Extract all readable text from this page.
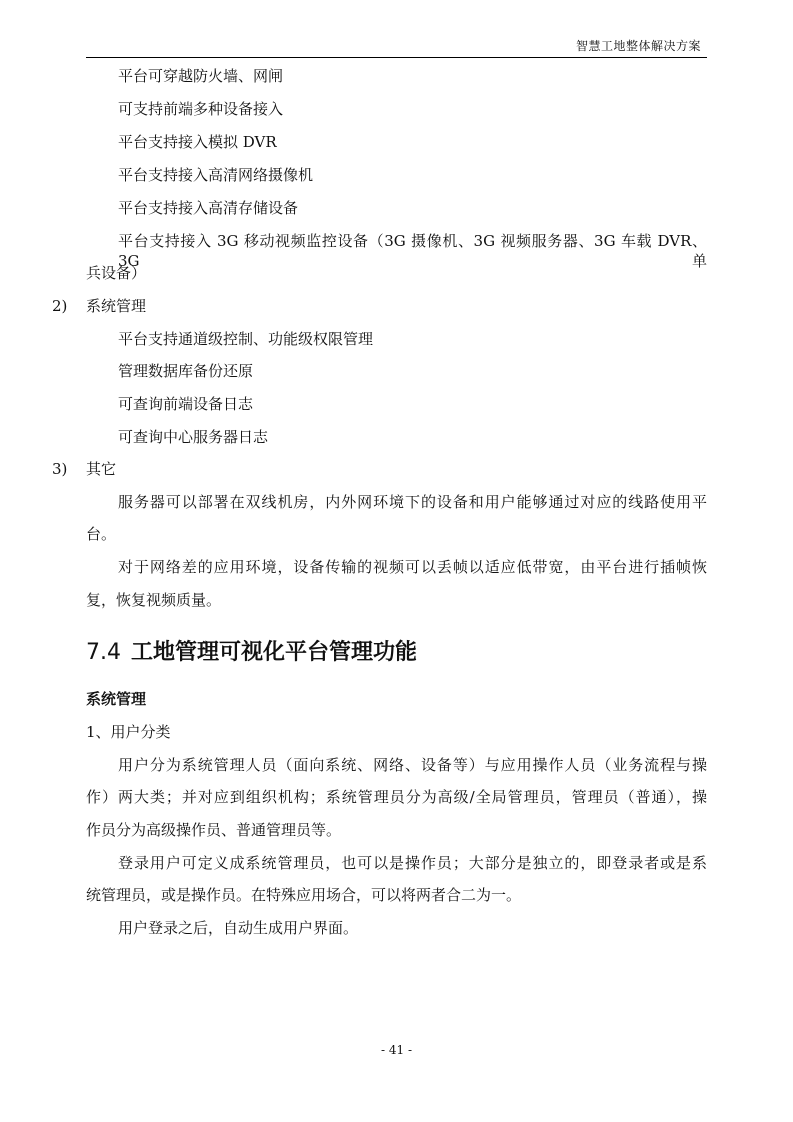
智慧工地整体解决方案
平台可穿越防火墙、网闸
可支持前端多种设备接入
平台支持接入模拟 DVR
平台支持接入高清网络摄像机
平台支持接入高清存储设备
平台支持接入 3G 移动视频监控设备（3G 摄像机、3G 视频服务器、3G 车载 DVR、3G 单
兵设备）
2) 系统管理
平台支持通道级控制、功能级权限管理
管理数据库备份还原
可查询前端设备日志
可查询中心服务器日志
3) 其它
服务器可以部署在双线机房，内外网环境下的设备和用户能够通过对应的线路使用平
台。
对于网络差的应用环境，设备传输的视频可以丢帧以适应低带宽，由平台进行插帧恢
复，恢复视频质量。
7.4 工地管理可视化平台管理功能
系统管理
1、用户分类
用户分为系统管理人员（面向系统、网络、设备等）与应用操作人员（业务流程与操
作）两大类；并对应到组织机构；系统管理员分为高级/全局管理员，管理员（普通），操
作员分为高级操作员、普通管理员等。
登录用户可定义成系统管理员，也可以是操作员；大部分是独立的，即登录者或是系
统管理员，或是操作员。在特殊应用场合，可以将两者合二为一。
用户登录之后，自动生成用户界面。
- 41 -
